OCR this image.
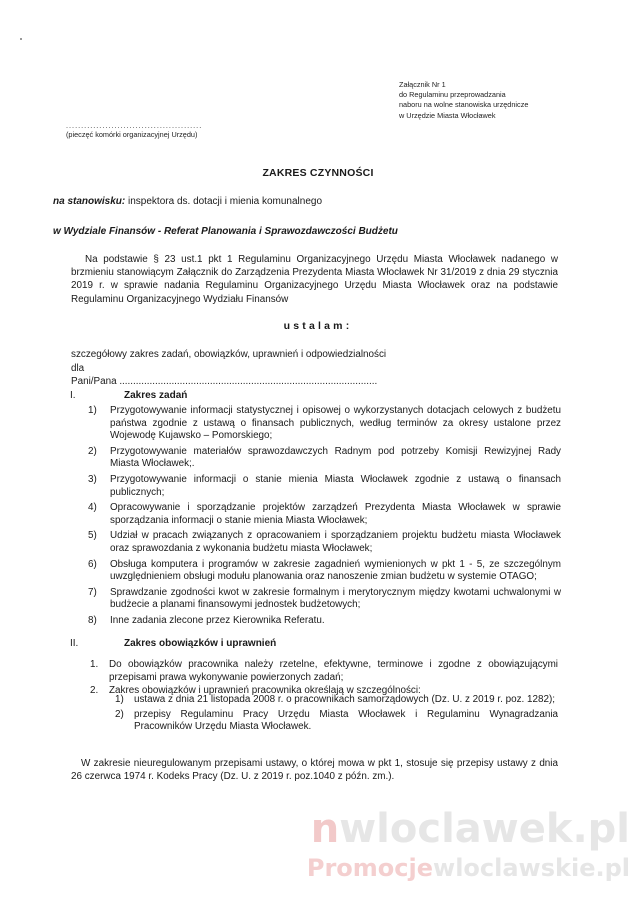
Załącznik Nr 1
do Regulaminu przeprowadzania
naboru na wolne stanowiska urzędnicze
w Urzędzie Miasta Włocławek
.............................................
(pieczęć komórki organizacyjnej Urzędu)
ZAKRES CZYNNOŚCI
na stanowisku: inspektora ds. dotacji i mienia komunalnego
w Wydziale Finansów - Referat Planowania i Sprawozdawczości Budżetu
Na podstawie § 23 ust.1 pkt 1 Regulaminu Organizacyjnego Urzędu Miasta Włocławek nadanego w brzmieniu stanowiącym Załącznik do Zarządzenia Prezydenta Miasta Włocławek Nr 31/2019 z dnia 29 stycznia 2019 r. w sprawie nadania Regulaminu Organizacyjnego Urzędu Miasta Włocławek oraz na podstawie Regulaminu Organizacyjnego Wydziału Finansów
ustalam:
szczegółowy zakres zadań, obowiązków, uprawnień i odpowiedzialności dla
Pani/Pana ..............................................................................................
I.	Zakres zadań
1)	Przygotowywanie informacji statystycznej i opisowej o wykorzystanych dotacjach celowych z budżetu państwa zgodnie z ustawą o finansach publicznych, według terminów za okresy ustalone przez Wojewodę Kujawsko – Pomorskiego;
2)	Przygotowywanie materiałów sprawozdawczych Radnym pod potrzeby Komisji Rewizyjnej Rady Miasta Włocławek;.
3)	Przygotowywanie informacji o stanie mienia Miasta Włocławek zgodnie z ustawą o finansach publicznych;
4)	Opracowywanie i sporządzanie projektów zarządzeń Prezydenta Miasta Włocławek w sprawie sporządzania informacji o stanie mienia Miasta Włocławek;
5)	Udział w pracach związanych z opracowaniem i sporządzaniem projektu budżetu miasta Włocławek oraz sprawozdania z wykonania budżetu miasta Włocławek;
6)	Obsługa komputera i programów w zakresie zagadnień wymienionych w pkt 1 - 5, ze szczególnym uwzględnieniem obsługi modułu planowania oraz nanoszenie zmian budżetu w systemie OTAGO;
7)	Sprawdzanie zgodności kwot w zakresie formalnym i merytorycznym między kwotami uchwalonymi w budżecie a planami finansowymi jednostek budżetowych;
8)	Inne zadania zlecone przez Kierownika Referatu.
II.	Zakres obowiązków i uprawnień
1.	Do obowiązków pracownika należy rzetelne, efektywne, terminowe i zgodne z obowiązującymi przepisami prawa wykonywanie powierzonych zadań;
2.	Zakres obowiązków i uprawnień pracownika określają w szczególności:
1)	ustawa z dnia 21 listopada 2008 r. o pracownikach samorządowych (Dz. U. z 2019 r. poz. 1282);
2)	przepisy Regulaminu Pracy Urzędu Miasta Włocławek i Regulaminu Wynagradzania Pracowników Urzędu Miasta Włocławek.
W zakresie nieuregulowanym przepisami ustawy, o której mowa w pkt 1, stosuje się przepisy ustawy z dnia 26 czerwca 1974 r. Kodeks Pracy (Dz. U. z 2019 r. poz.1040 z późn. zm.).
nwloclawek.pl
Promocjewloclawskie.pl
